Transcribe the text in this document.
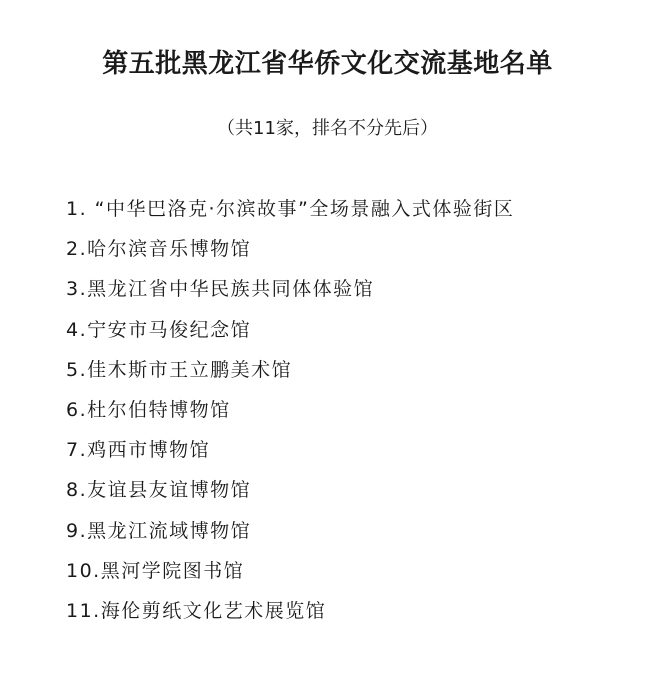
第五批黑龙江省华侨文化交流基地名单
（共11家，排名不分先后）
1. “中华巴洛克·尔滨故事”全场景融入式体验街区
2.哈尔滨音乐博物馆
3.黑龙江省中华民族共同体体验馆
4.宁安市马俊纪念馆
5.佳木斯市王立鹏美术馆
6.杜尔伯特博物馆
7.鸡西市博物馆
8.友谊县友谊博物馆
9.黑龙江流域博物馆
10.黑河学院图书馆
11.海伦剪纸文化艺术展览馆
